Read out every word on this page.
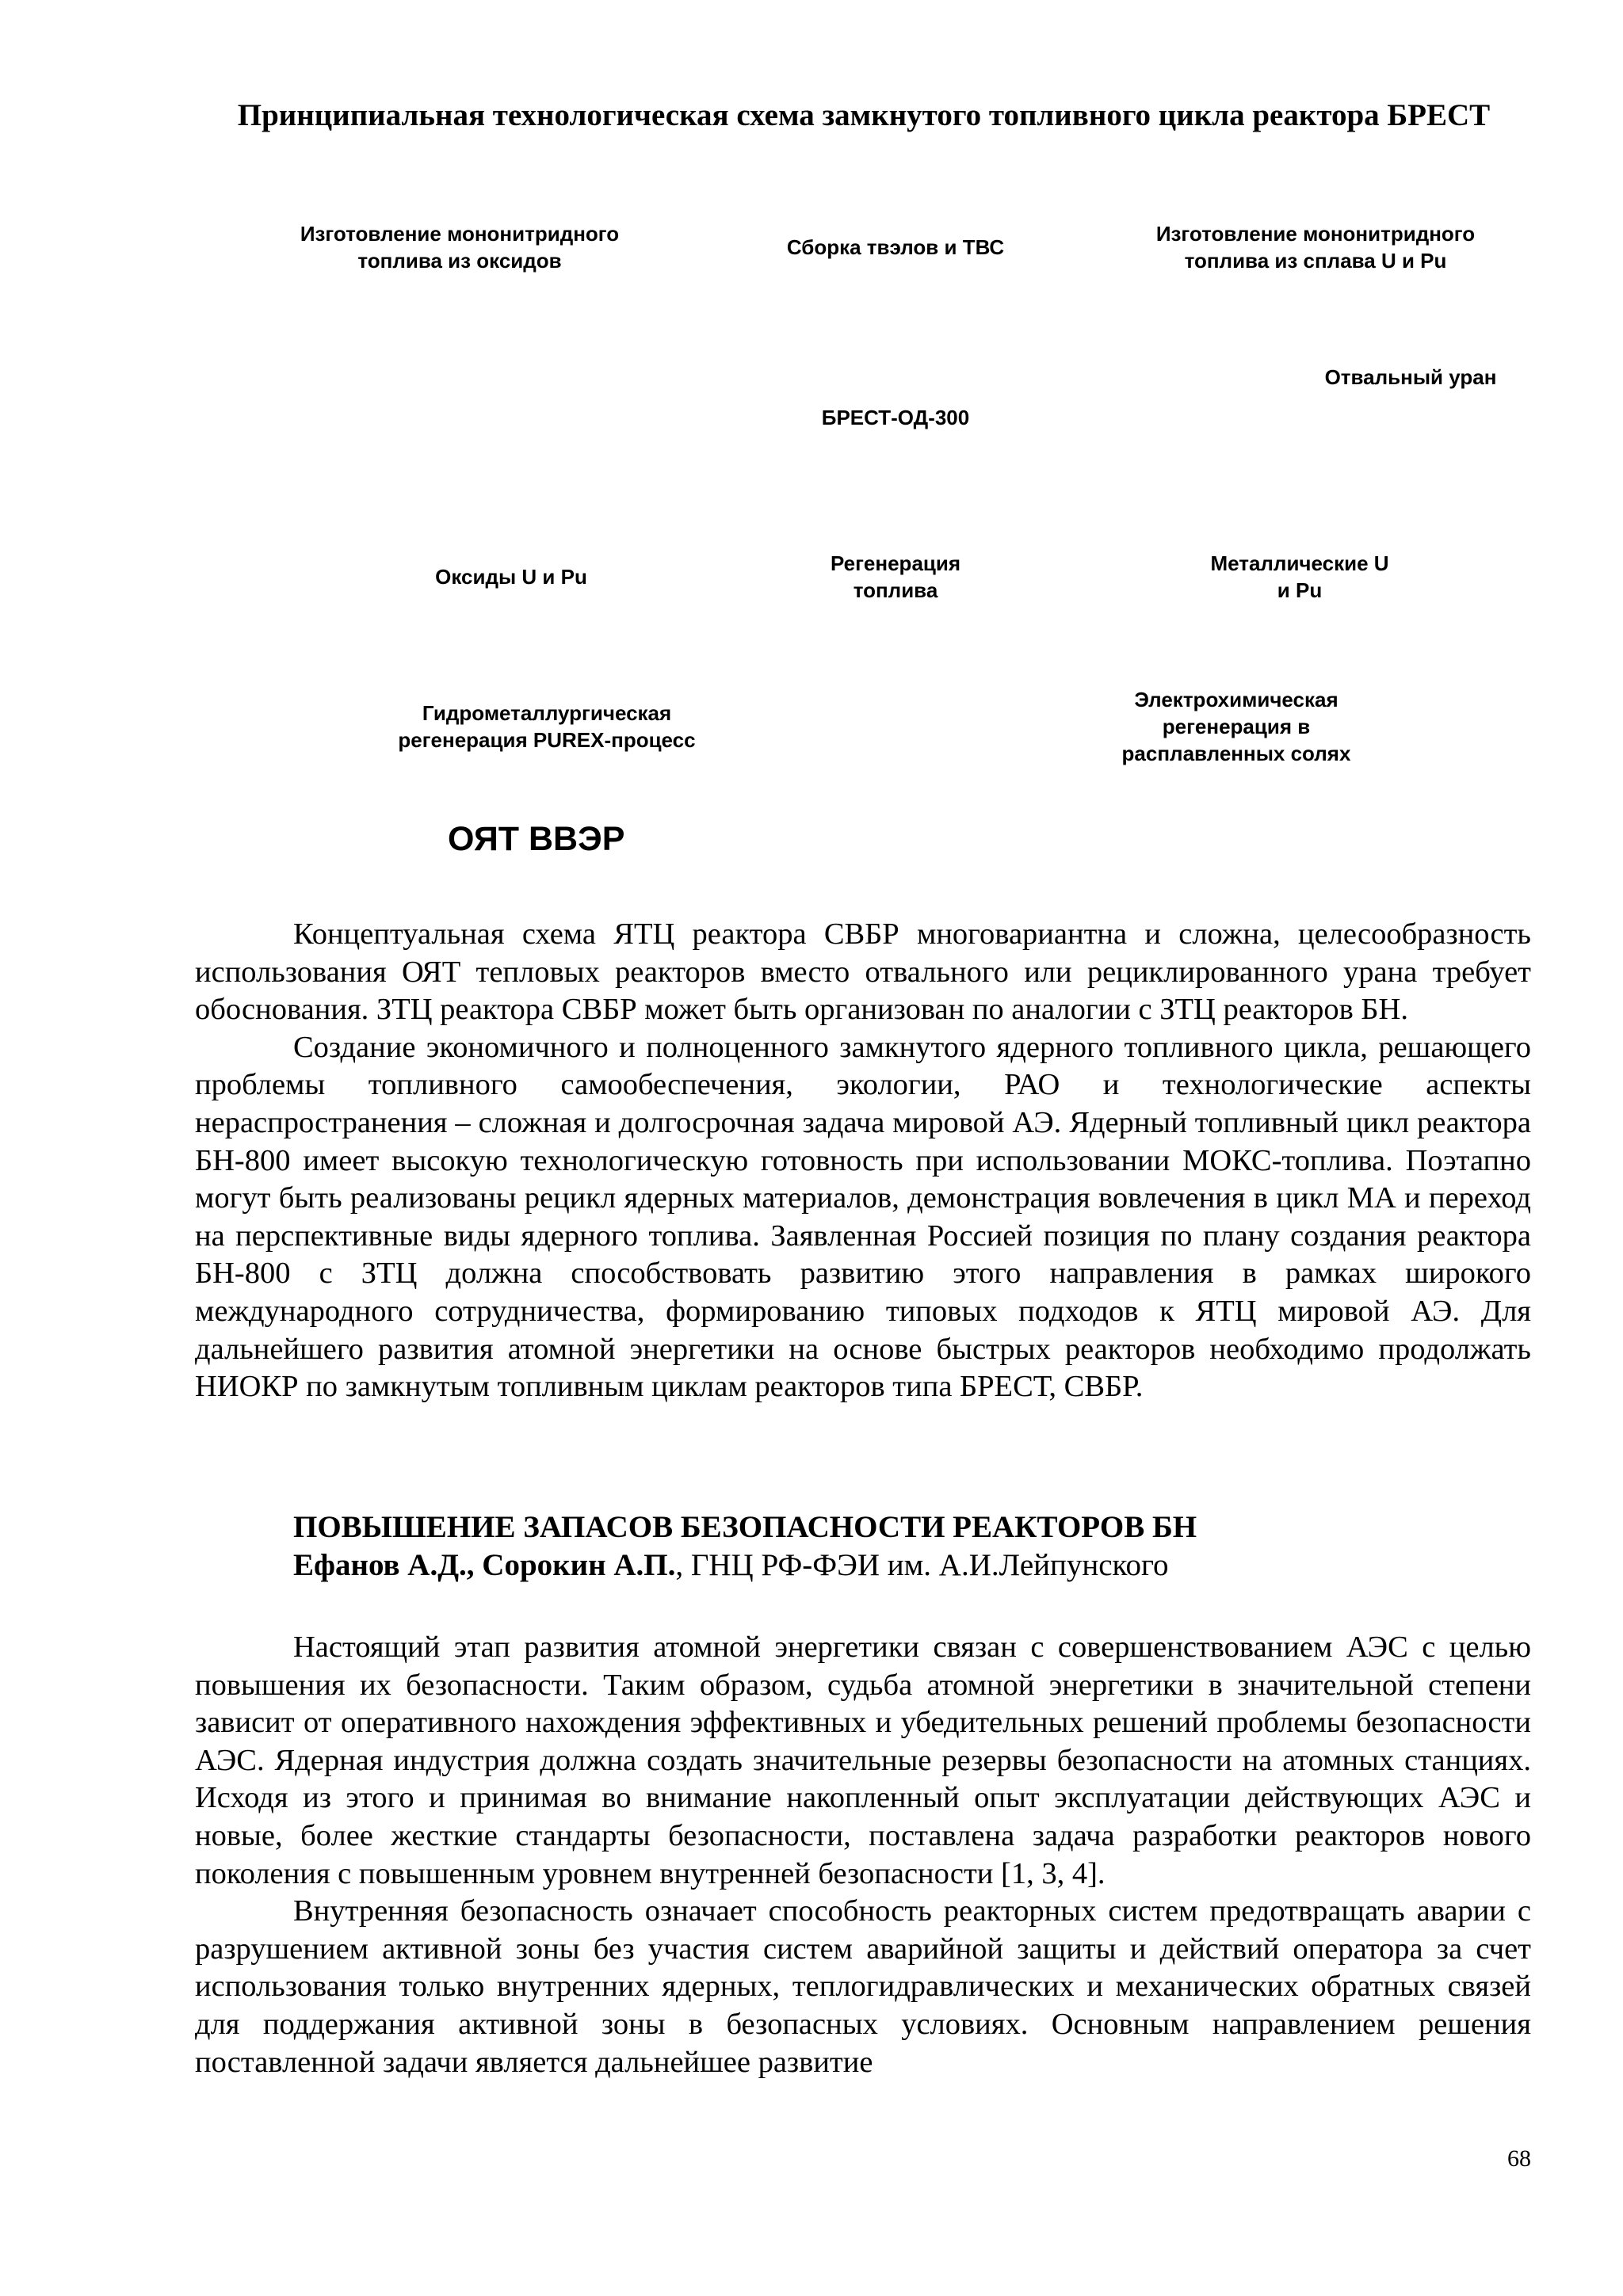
Принципиальная технологическая схема замкнутого топливного цикла реактора БРЕСТ
Изготовление мононитридного топлива из оксидов
Сборка твэлов и ТВС
Изготовление мононитридного топлива из сплава U и Pu
Отвальный уран
БРЕСТ-ОД-300
Оксиды U и Pu
Регенерация топлива
Металлические U и Pu
Гидрометаллургическая регенерация PUREX-процесс
Электрохимическая регенерация в расплавленных солях
ОЯТ ВВЭР

Концептуальная схема ЯТЦ реактора СВБР многовариантна и сложна, целесообразность использования ОЯТ тепловых реакторов вместо отвального или рециклированного урана требует обоснования. ЗТЦ реактора СВБР может быть организован по аналогии с ЗТЦ реакторов БН.

Создание экономичного и полноценного замкнутого ядерного топливного цикла, решающего проблемы топливного самообеспечения, экологии, РАО и технологические аспекты нераспространения – сложная и долгосрочная задача мировой АЭ. Ядерный топливный цикл реактора БН-800 имеет высокую технологическую готовность при использовании МОКС-топлива. Поэтапно могут быть реализованы рецикл ядерных материалов, демонстрация вовлечения в цикл МА и переход на перспективные виды ядерного топлива. Заявленная Россией позиция по плану создания реактора БН-800 с ЗТЦ должна способствовать развитию этого направления в рамках широкого международного сотрудничества, формированию типовых подходов к ЯТЦ мировой АЭ. Для дальнейшего развития атомной энергетики на основе быстрых реакторов необходимо продолжать НИОКР по замкнутым топливным циклам реакторов типа БРЕСТ, СВБР.

ПОВЫШЕНИЕ ЗАПАСОВ БЕЗОПАСНОСТИ РЕАКТОРОВ БН
Ефанов А.Д., Сорокин А.П., ГНЦ РФ-ФЭИ им. А.И.Лейпунского

Настоящий этап развития атомной энергетики связан с совершенствованием АЭС с целью повышения их безопасности. Таким образом, судьба атомной энергетики в значительной степени зависит от оперативного нахождения эффективных и убедительных решений проблемы безопасности АЭС. Ядерная индустрия должна создать значительные резервы безопасности на атомных станциях. Исходя из этого и принимая во внимание накопленный опыт эксплуатации действующих АЭС и новые, более жесткие стандарты безопасности, поставлена задача разработки реакторов нового поколения с повышенным уровнем внутренней безопасности [1, 3, 4].

Внутренняя безопасность означает способность реакторных систем предотвращать аварии с разрушением активной зоны без участия систем аварийной защиты и действий оператора за счет использования только внутренних ядерных, теплогидравлических и механических обратных связей для поддержания активной зоны в безопасных условиях. Основным направлением решения поставленной задачи является дальнейшее развитие

68
